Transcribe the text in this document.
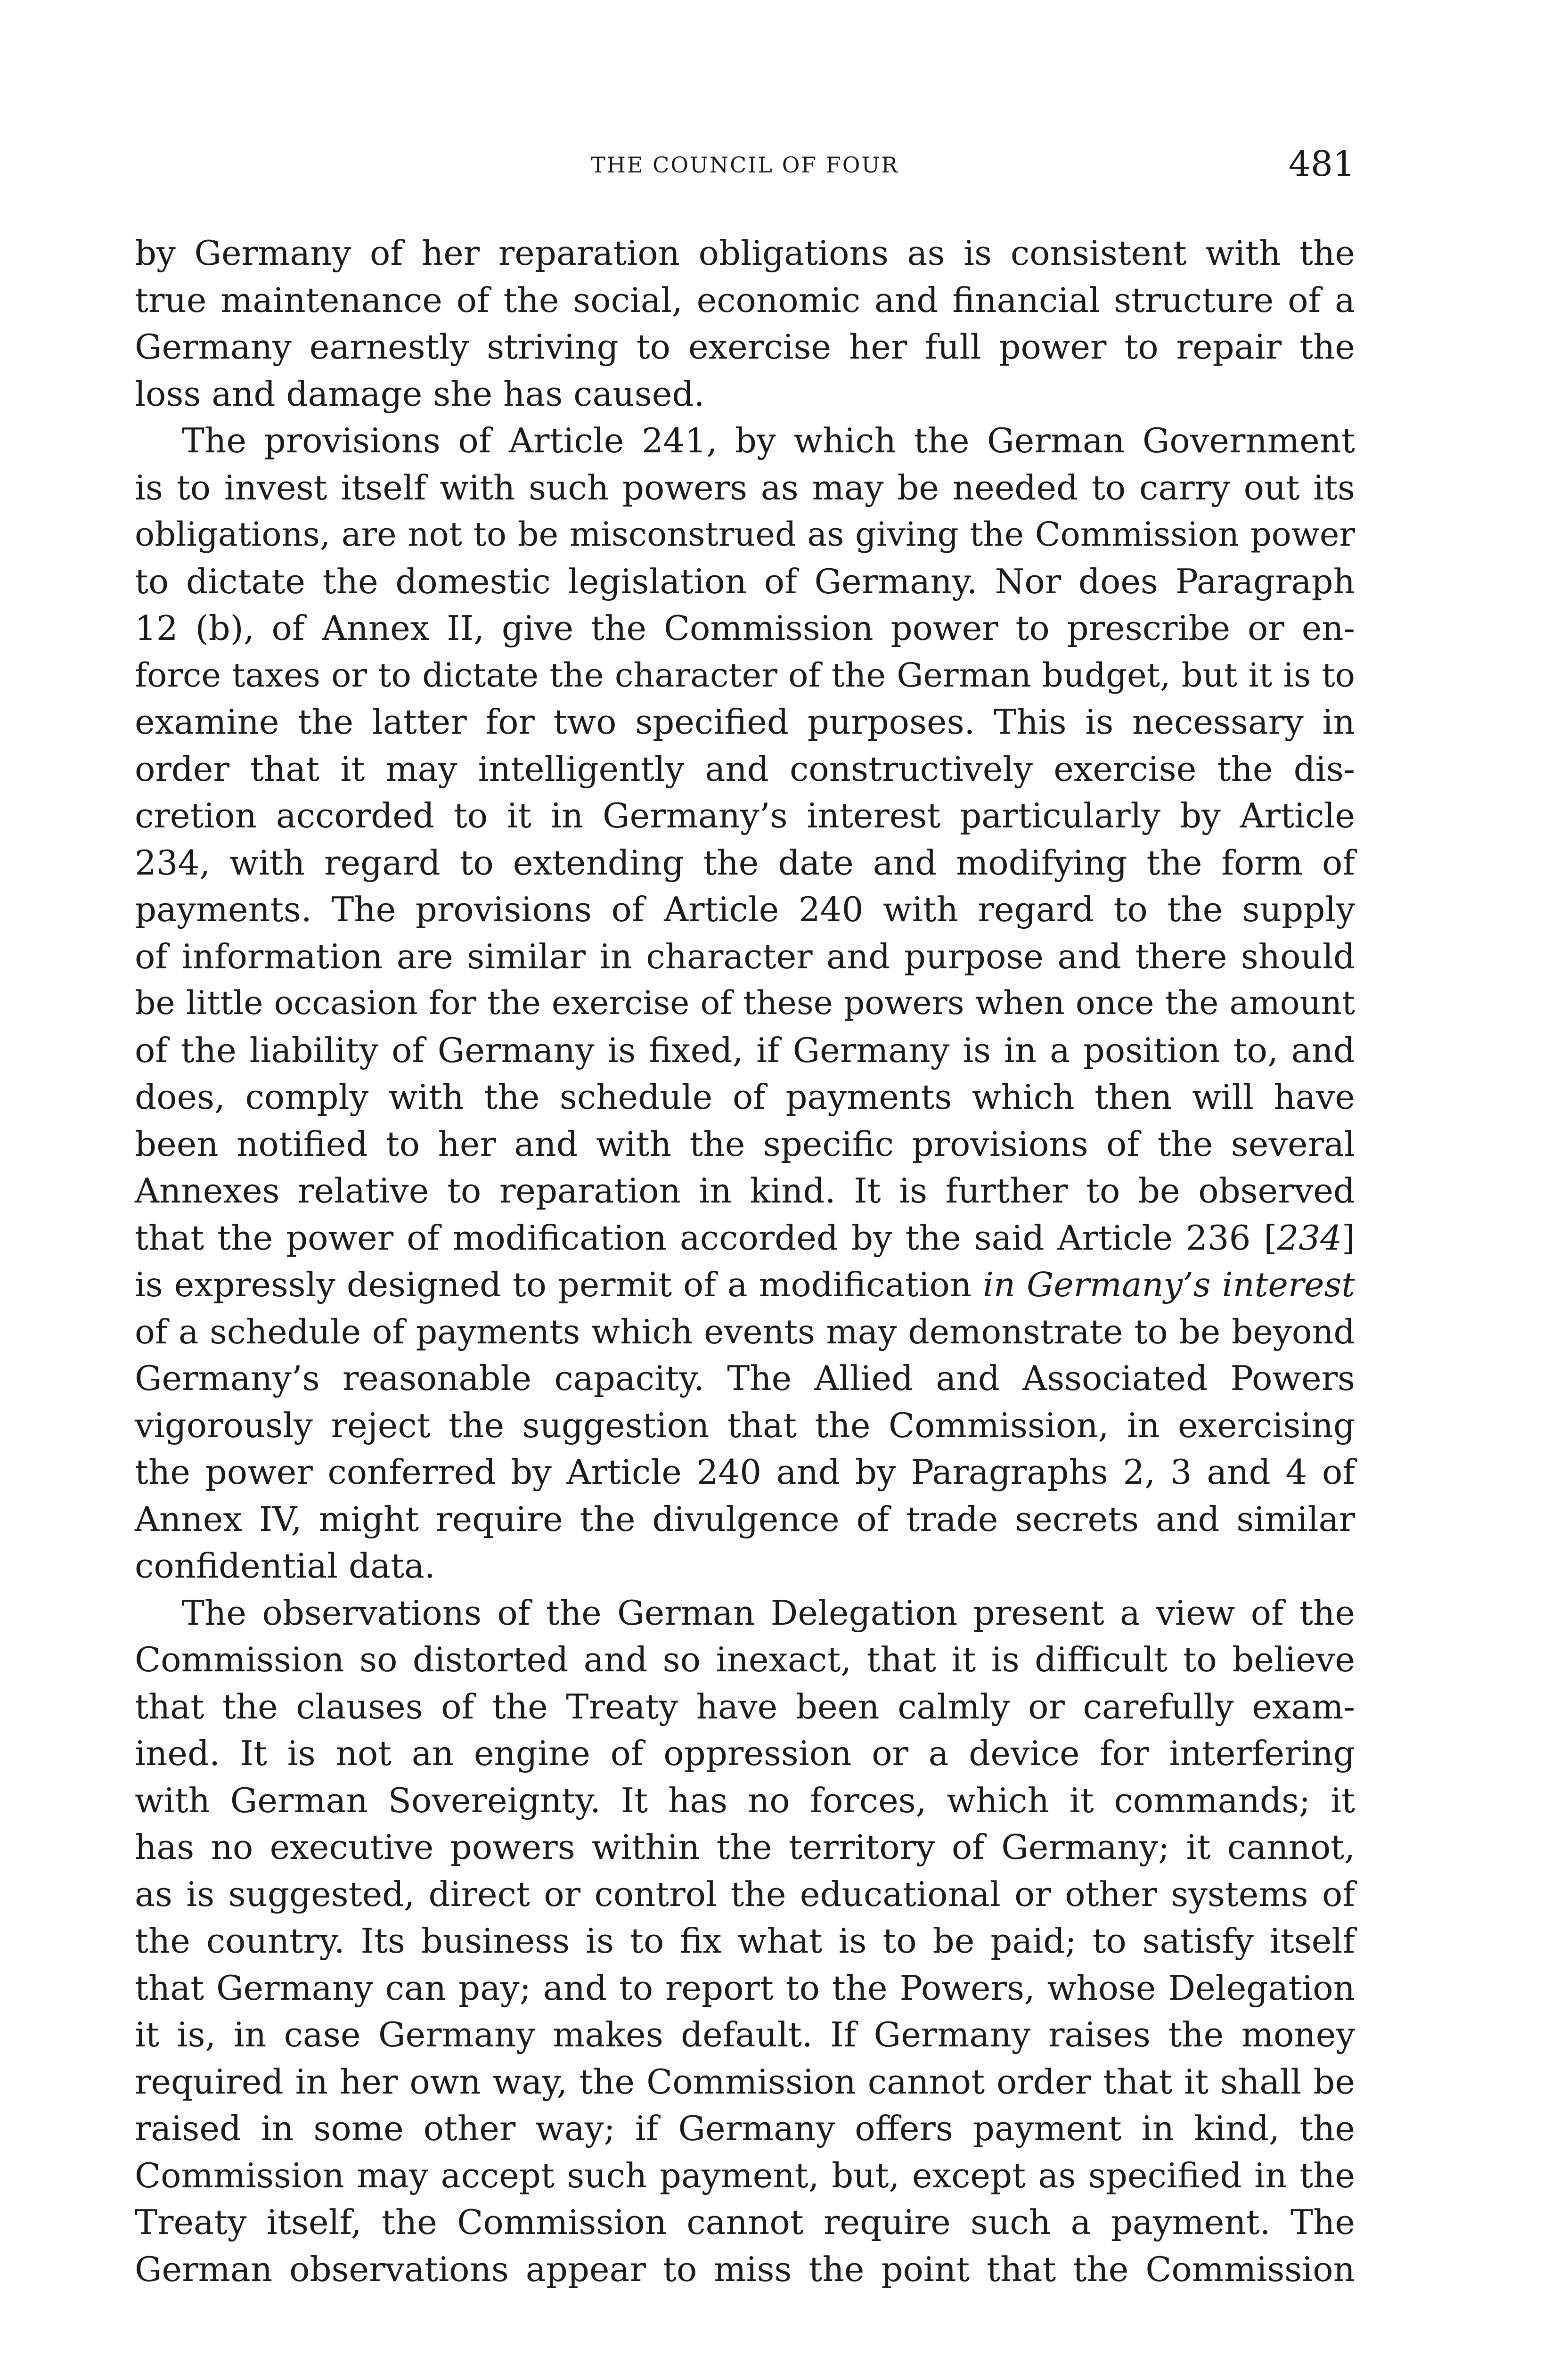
THE COUNCIL OF FOUR	481
by Germany of her reparation obligations as is consistent with the
true maintenance of the social, economic and financial structure of a
Germany earnestly striving to exercise her full power to repair the
loss and damage she has caused.
The provisions of Article 241, by which the German Government
is to invest itself with such powers as may be needed to carry out its
obligations, are not to be misconstrued as giving the Commission power
to dictate the domestic legislation of Germany. Nor does Paragraph
12 (b), of Annex II, give the Commission power to prescribe or en-
force taxes or to dictate the character of the German budget, but it is to
examine the latter for two specified purposes. This is necessary in
order that it may intelligently and constructively exercise the dis-
cretion accorded to it in Germany’s interest particularly by Article
234, with regard to extending the date and modifying the form of
payments. The provisions of Article 240 with regard to the supply
of information are similar in character and purpose and there should
be little occasion for the exercise of these powers when once the amount
of the liability of Germany is fixed, if Germany is in a position to, and
does, comply with the schedule of payments which then will have
been notified to her and with the specific provisions of the several
Annexes relative to reparation in kind. It is further to be observed
that the power of modification accorded by the said Article 236 [234]
is expressly designed to permit of a modification in Germany’s interest
of a schedule of payments which events may demonstrate to be beyond
Germany’s reasonable capacity. The Allied and Associated Powers
vigorously reject the suggestion that the Commission, in exercising
the power conferred by Article 240 and by Paragraphs 2, 3 and 4 of
Annex IV, might require the divulgence of trade secrets and similar
confidential data.
The observations of the German Delegation present a view of the
Commission so distorted and so inexact, that it is difficult to believe
that the clauses of the Treaty have been calmly or carefully exam-
ined. It is not an engine of oppression or a device for interfering
with German Sovereignty. It has no forces, which it commands; it
has no executive powers within the territory of Germany; it cannot,
as is suggested, direct or control the educational or other systems of
the country. Its business is to fix what is to be paid; to satisfy itself
that Germany can pay; and to report to the Powers, whose Delegation
it is, in case Germany makes default. If Germany raises the money
required in her own way, the Commission cannot order that it shall be
raised in some other way; if Germany offers payment in kind, the
Commission may accept such payment, but, except as specified in the
Treaty itself, the Commission cannot require such a payment. The
German observations appear to miss the point that the Commission
